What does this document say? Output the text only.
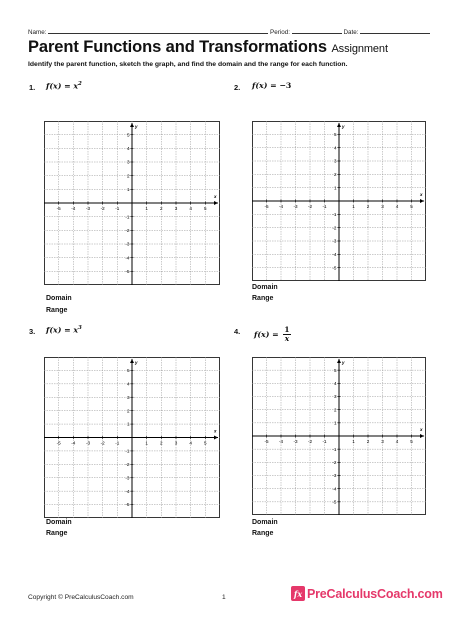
Name:	Period:	Date:
Parent Functions and Transformations Assignment
Identify the parent function, sketch the graph, and find the domain and the range for each function.
1. $f(x) = x^2$	2. f(x) = −3
3. $f(x) = x^3$	4. $f(x) = \frac{1}{x}$
x
y
-5 -4 -3 -2 -1	1	2	3	4	5
5
4
3
2
1
-1
-2
-3
-4
-5
x
y
-5 -4 -3 -2 -1	1	2	3	4	5
5
4
3
2
1
-1
-2
-3
-4
-5
x
y
-5 -4 -3 -2 -1	1	2	3	4	5
5
4
3
2
1
-1
-2
-3
-4
-5
x
y
-5 -4 -3 -2 -1	1	2	3	4	5
5
4
3
2
1
-1
-2
-3
-4
-5
Domain
Range
Domain
Range
Domain
Range
Domain
Range
Copyright © PreCalculusCoach.com	1	fx PreCalculusCoach.com
